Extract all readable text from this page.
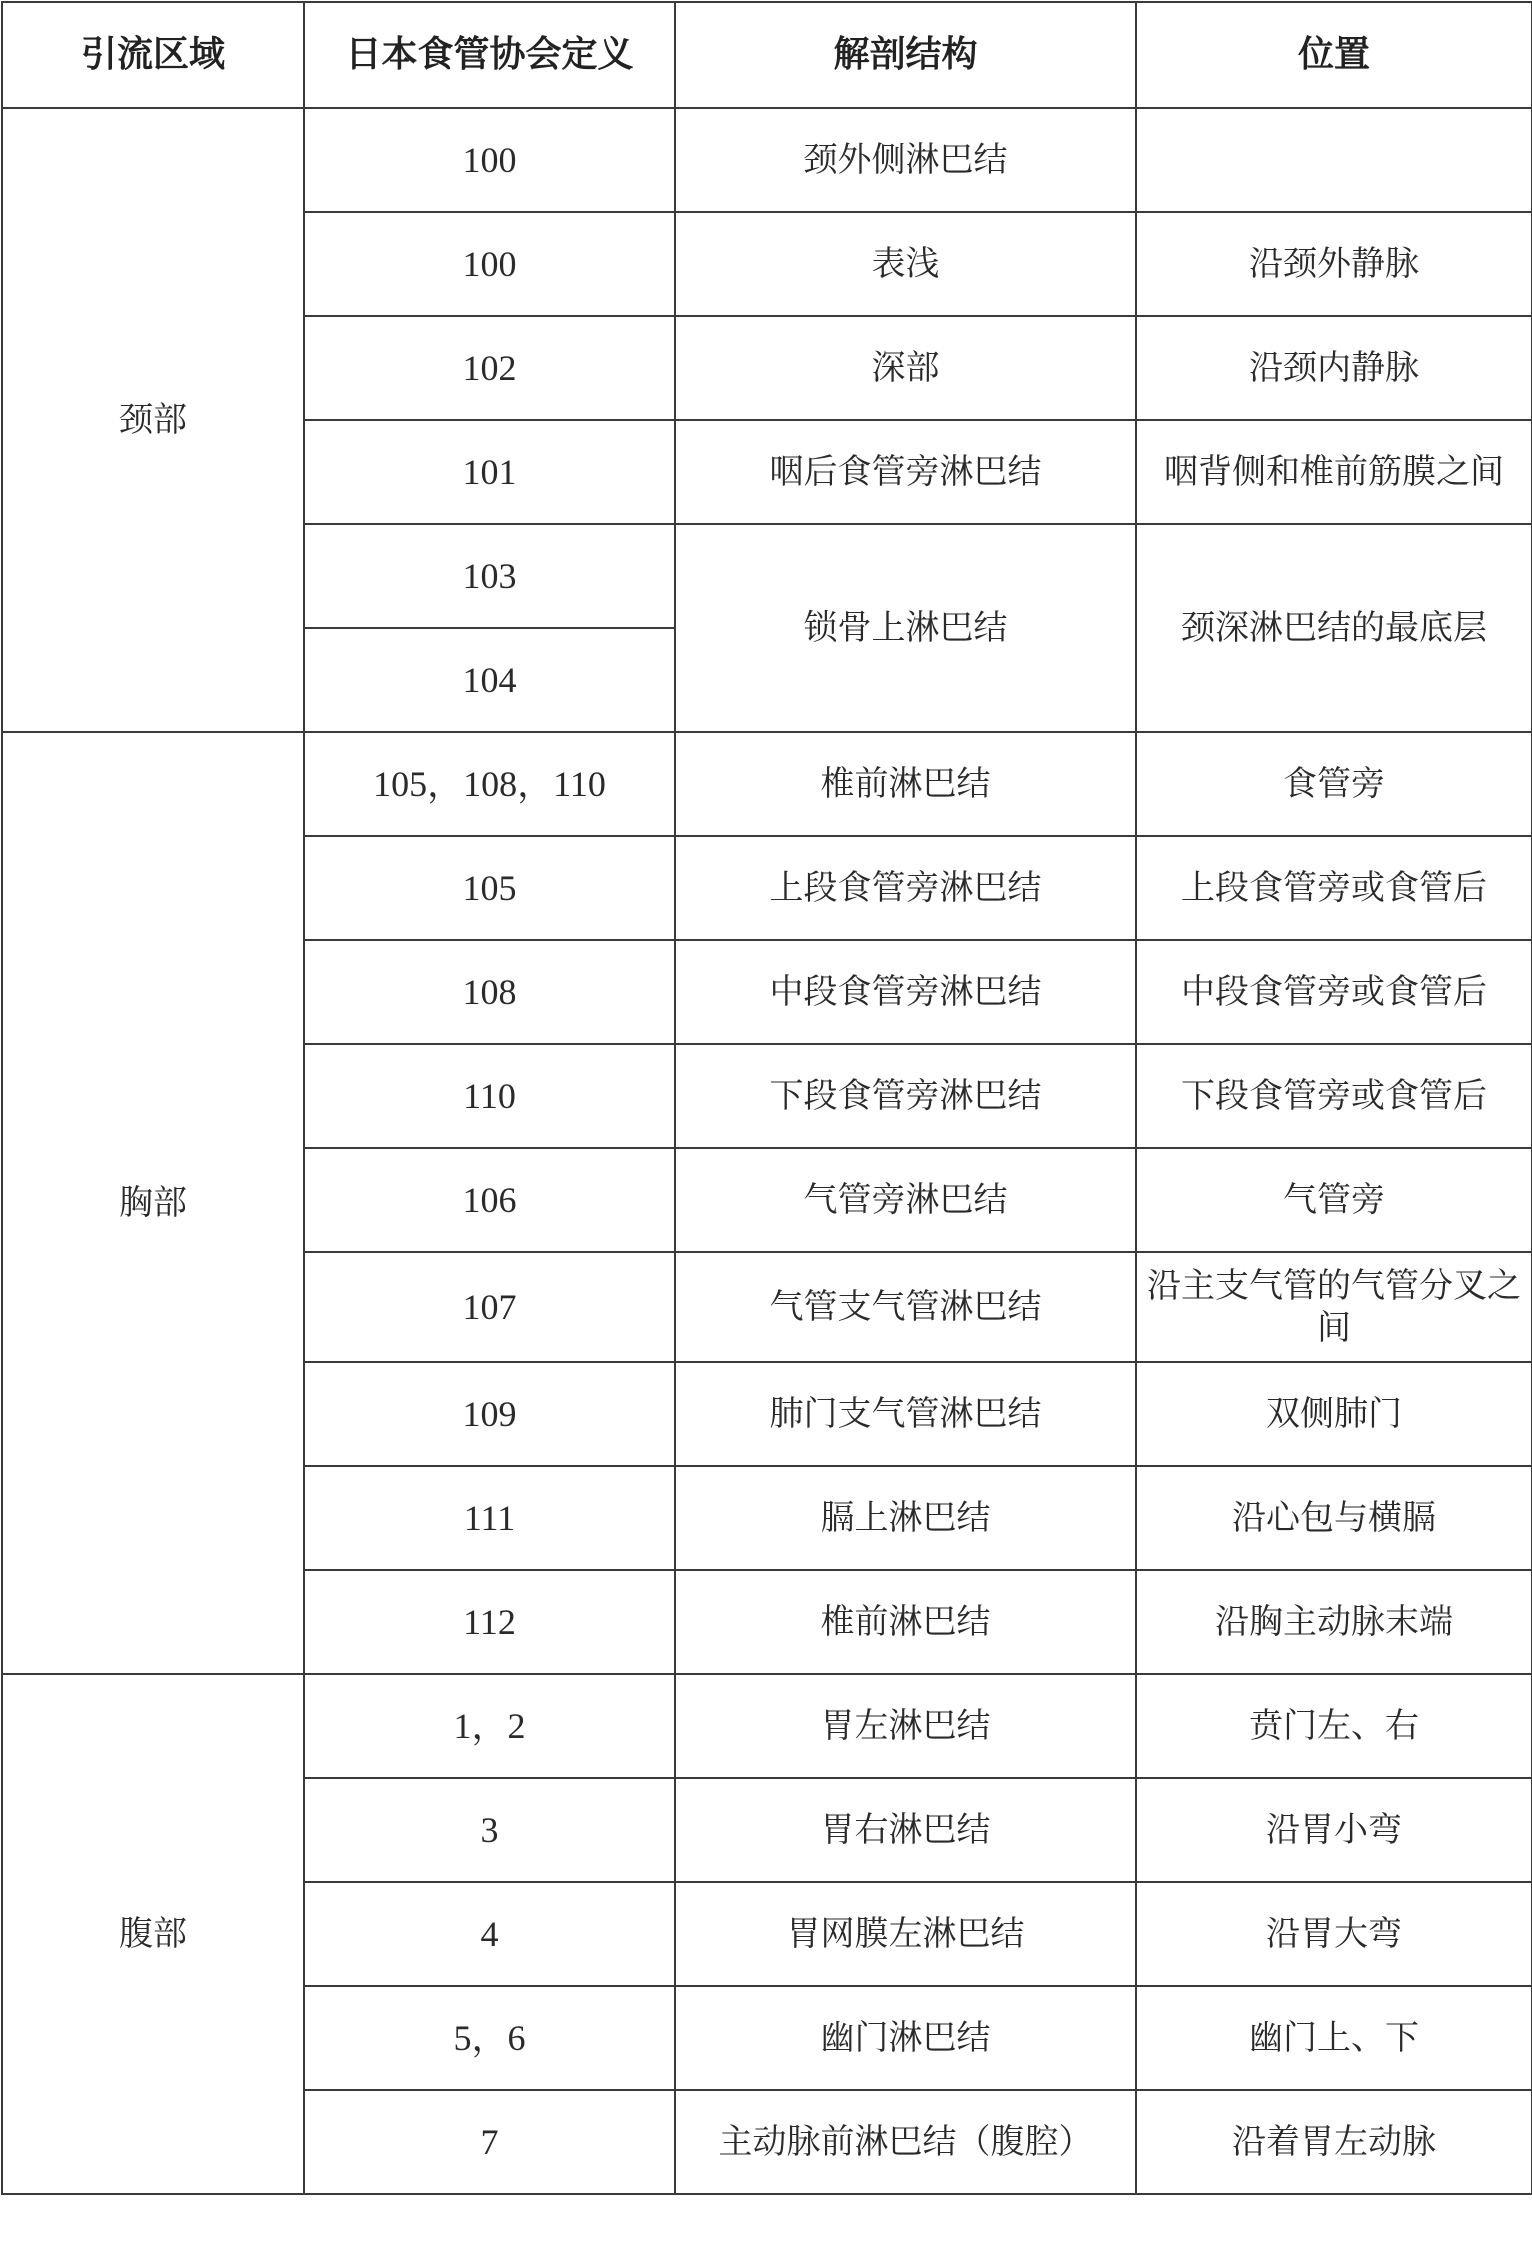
引流区域	日本食管协会定义	解剖结构	位置
颈部	100	颈外侧淋巴结	
	100	表浅	沿颈外静脉
	102	深部	沿颈内静脉
	101	咽后食管旁淋巴结	咽背侧和椎前筋膜之间
	103	锁骨上淋巴结	颈深淋巴结的最底层
	104		
胸部	105，108，110	椎前淋巴结	食管旁
	105	上段食管旁淋巴结	上段食管旁或食管后
	108	中段食管旁淋巴结	中段食管旁或食管后
	110	下段食管旁淋巴结	下段食管旁或食管后
	106	气管旁淋巴结	气管旁
	107	气管支气管淋巴结	沿主支气管的气管分叉之间
	109	肺门支气管淋巴结	双侧肺门
	111	膈上淋巴结	沿心包与横膈
	112	椎前淋巴结	沿胸主动脉末端
腹部	1，2	胃左淋巴结	贲门左、右
	3	胃右淋巴结	沿胃小弯
	4	胃网膜左淋巴结	沿胃大弯
	5，6	幽门淋巴结	幽门上、下
	7	主动脉前淋巴结（腹腔）	沿着胃左动脉
